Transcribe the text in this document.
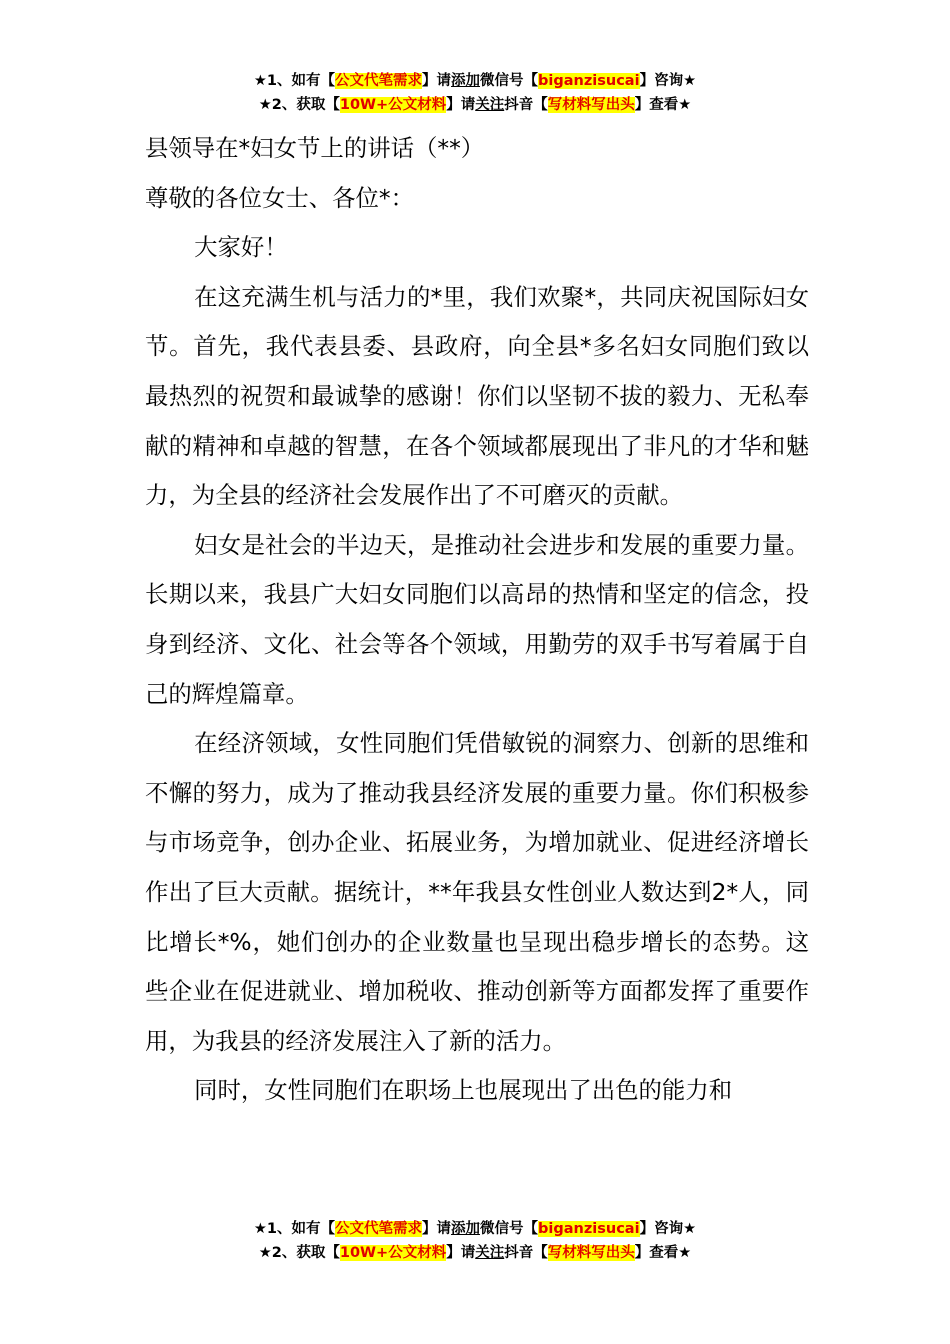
★1、如有【公文代笔需求】请添加微信号【biganzisucai】咨询★
★2、获取【10W+公文材料】请关注抖音【写材料写出头】查看★

县领导在*妇女节上的讲话（**）

尊敬的各位女士、各位*：

大家好！

在这充满生机与活力的*里，我们欢聚*，共同庆祝国际妇女节。首先，我代表县委、县政府，向全县*多名妇女同胞们致以最热烈的祝贺和最诚挚的感谢！你们以坚韧不拔的毅力、无私奉献的精神和卓越的智慧，在各个领域都展现出了非凡的才华和魅力，为全县的经济社会发展作出了不可磨灭的贡献。

妇女是社会的半边天，是推动社会进步和发展的重要力量。长期以来，我县广大妇女同胞们以高昂的热情和坚定的信念，投身到经济、文化、社会等各个领域，用勤劳的双手书写着属于自己的辉煌篇章。

在经济领域，女性同胞们凭借敏锐的洞察力、创新的思维和不懈的努力，成为了推动我县经济发展的重要力量。你们积极参与市场竞争，创办企业、拓展业务，为增加就业、促进经济增长作出了巨大贡献。据统计，**年我县女性创业人数达到2*人，同比增长*%，她们创办的企业数量也呈现出稳步增长的态势。这些企业在促进就业、增加税收、推动创新等方面都发挥了重要作用，为我县的经济发展注入了新的活力。

同时，女性同胞们在职场上也展现出了出色的能力和

★1、如有【公文代笔需求】请添加微信号【biganzisucai】咨询★
★2、获取【10W+公文材料】请关注抖音【写材料写出头】查看★
